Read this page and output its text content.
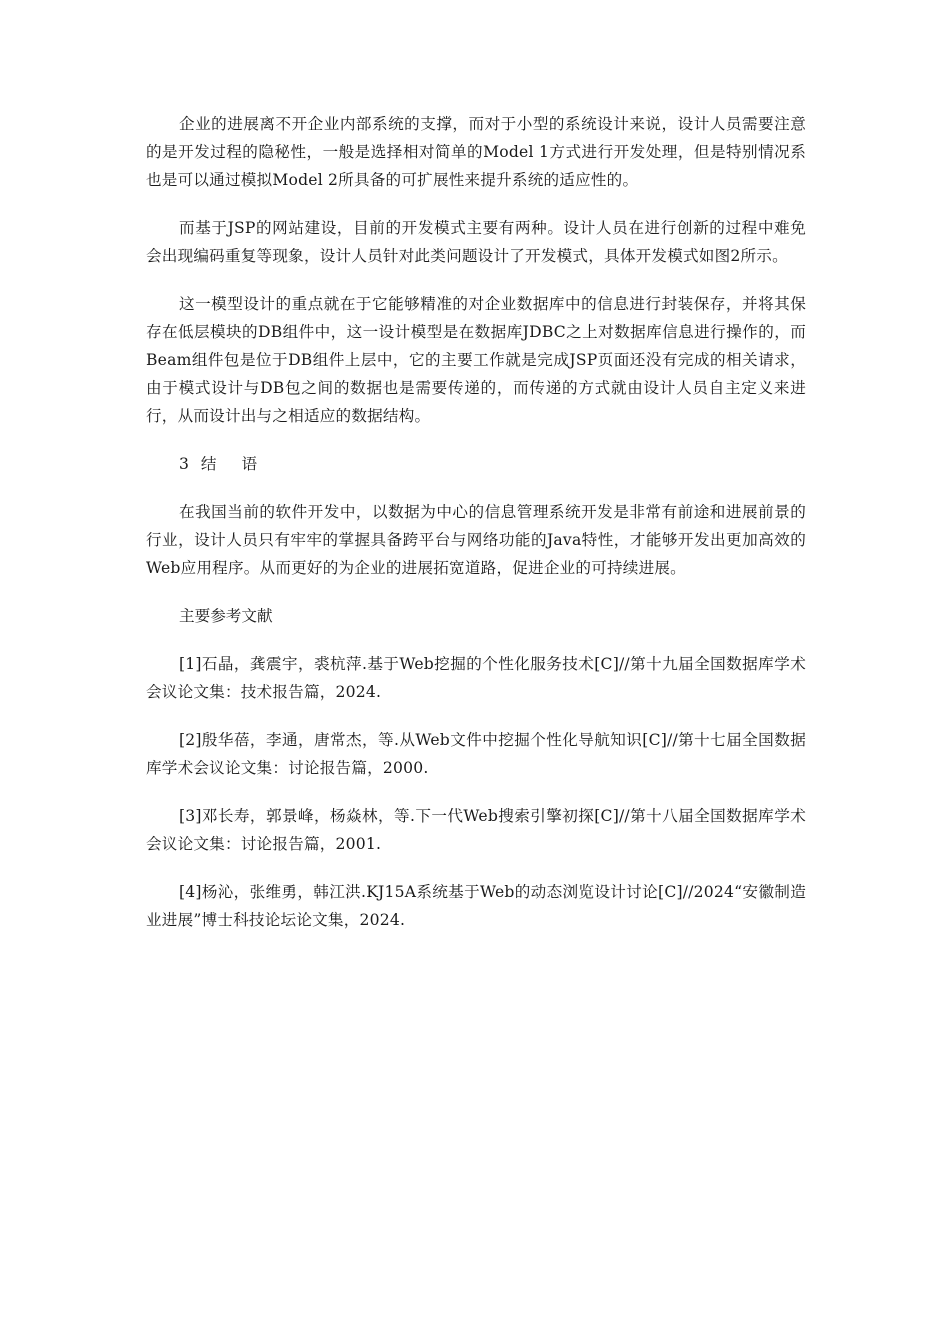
企业的进展离不开企业内部系统的支撑，而对于小型的系统设计来说，设计人员需要注意的是开发过程的隐秘性，一般是选择相对简单的Model 1方式进行开发处理，但是特别情况系也是可以通过模拟Model 2所具备的可扩展性来提升系统的适应性的。

而基于JSP的网站建设，目前的开发模式主要有两种。设计人员在进行创新的过程中难免会出现编码重复等现象，设计人员针对此类问题设计了开发模式，具体开发模式如图2所示。

这一模型设计的重点就在于它能够精准的对企业数据库中的信息进行封装保存，并将其保存在低层模块的DB组件中，这一设计模型是在数据库JDBC之上对数据库信息进行操作的，而Beam组件包是位于DB组件上层中，它的主要工作就是完成JSP页面还没有完成的相关请求，由于模式设计与DB包之间的数据也是需要传递的，而传递的方式就由设计人员自主定义来进行，从而设计出与之相适应的数据结构。

3 结 语

在我国当前的软件开发中，以数据为中心的信息管理系统开发是非常有前途和进展前景的行业，设计人员只有牢牢的掌握具备跨平台与网络功能的Java特性，才能够开发出更加高效的Web应用程序。从而更好的为企业的进展拓宽道路，促进企业的可持续进展。

主要参考文献

[1]石晶，龚震宇，裘杭萍.基于Web挖掘的个性化服务技术[C]//第十九届全国数据库学术会议论文集：技术报告篇，2024.

[2]殷华蓓，李通，唐常杰，等.从Web文件中挖掘个性化导航知识[C]//第十七届全国数据库学术会议论文集：讨论报告篇，2000.

[3]邓长寿，郭景峰，杨焱林，等.下一代Web搜索引擎初探[C]//第十八届全国数据库学术会议论文集：讨论报告篇，2001.

[4]杨沁，张维勇，韩江洪.KJ15A系统基于Web的动态浏览设计讨论[C]//2024“安徽制造业进展”博士科技论坛论文集，2024.
